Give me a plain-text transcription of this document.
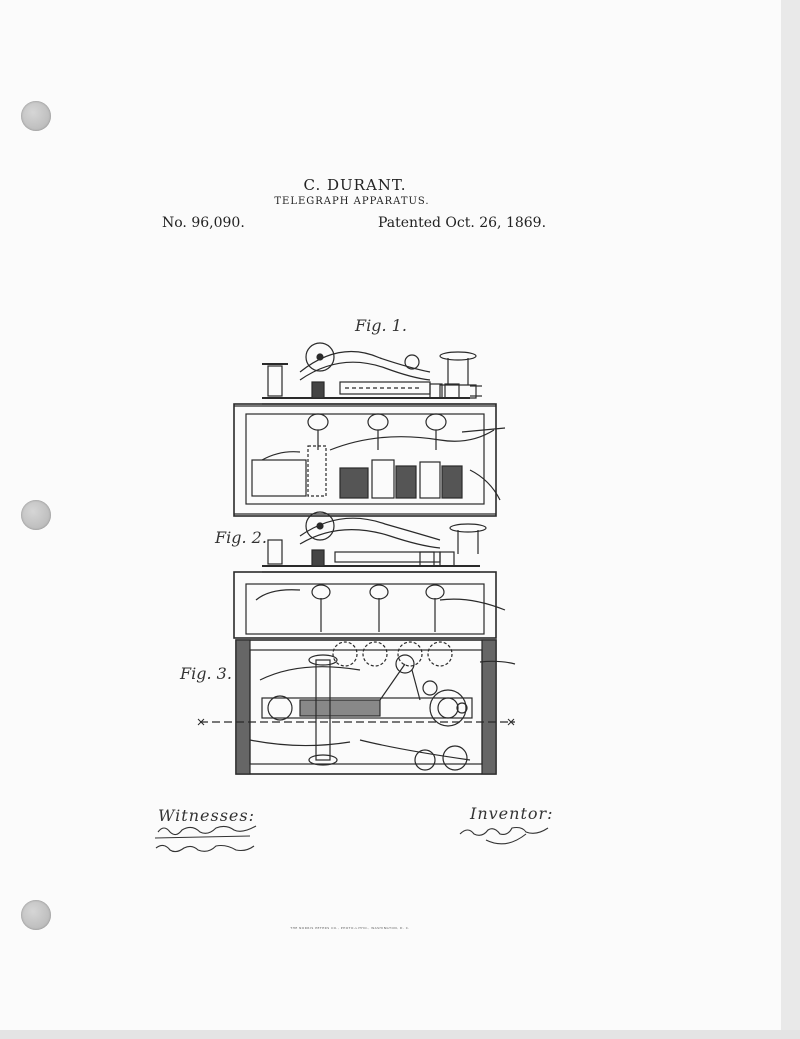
C. DURANT.
TELEGRAPH APPARATUS.
No. 96,090.	Patented Oct. 26, 1869.
Fig. 1.
Fig. 2.
Fig. 3.
Witnesses:	Inventor:
THE NORRIS PETERS CO., PHOTO-LITHO., WASHINGTON, D. C.
